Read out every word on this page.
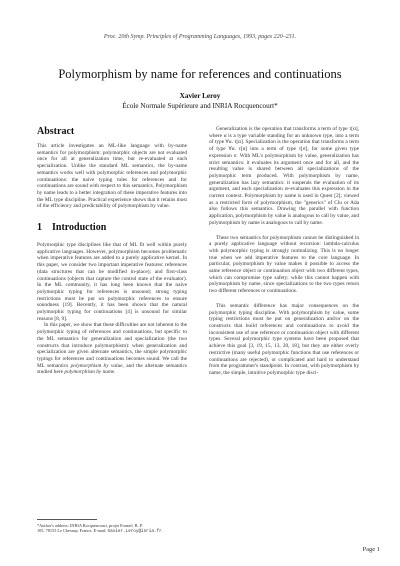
Proc. 20th Symp. Principles of Programming Languages, 1993, pages 220–231.
Polymorphism by name for references and continuations
Xavier Leroy
École Normale Supérieure and INRIA Rocquencourt*
Abstract

This article investigates an ML-like language with by-name semantics for polymorphism: polymorphic objects are not evaluated once for all at generalization time, but re-evaluated at each specialization. Unlike the standard ML semantics, the by-name semantics works well with polymorphic references and polymorphic continuations: the naive typing rules for references and for continuations are sound with respect to this semantics. Polymorphism by name leads to a better integration of these imperative features into the ML type discipline. Practical experience shows that it retains most of the efficiency and predictability of polymorphism by value.

1 Introduction

Polymorphic type disciplines like that of ML fit well within purely applicative languages. However, polymorphism becomes problematic when imperative features are added to a purely applicative kernel. In this paper, we consider two important imperative features: references (data structures that can be modified in-place); and first-class continuations (objects that capture the control state of the evaluator). In the ML community, it has long been known that the naive polymorphic typing for references is unsound; strong typing restrictions must be put on polymorphic references to ensure soundness [19]. Recently, it has been shown that the natural polymorphic typing for continuations [4] is unsound for similar reasons [8, 9].

In this paper, we show that these difficulties are not inherent to the polymorphic typing of references and continuations, but specific to the ML semantics for generalization and specialization (the two constructs that introduce polymorphism): when generalization and specialization are given alternate semantics, the simple polymorphic typings for references and continuations becomes sound. We call the ML semantics polymorphism by value, and the alternate semantics studied here polymorphism by name.

*Author's address: INRIA Rocquencourt, projet Formel, B. P.
105, 78153 Le Chesnay, France. E-mail: Xavier.Leroy@inria.fr.

Generalization is the operation that transforms a term of type τ[α], where α is a type variable standing for an unknown type, into a term of type ∀α. τ[α]. Specialization is the operation that transforms a term of type ∀α. τ[α] into a term of type τ[σ], for some given type expression σ. With ML's polymorphism by value, generalization has strict semantics: it evaluates its argument once and for all, and the resulting value is shared between all specializations of the polymorphic term produced. With polymorphism by name, generalization has lazy semantics: it suspends the evaluation of its argument, and each specialization re-evaluates this expression in the current context. Polymorphism by name is used in Quest [2]; viewed as a restricted form of polymorphism, the "generics" of Clu or Ada also follows this semantics. Drawing the parallel with function application, polymorphism by value is analogous to call by value, and polymorphism by name is analogous to call by name.

These two semantics for polymorphism cannot be distinguished in a purely applicative language without recursion: lambda-calculus with polymorphic typing is strongly normalizing. This is no longer true when we add imperative features to the core language. In particular, polymorphism by value makes it possible to access the same reference object or continuation object with two different types, which can compromise type safety; while this cannot happen with polymorphism by name, since specializations to the two types return two different references or continuations.

This semantic difference has major consequences on the polymorphic typing discipline. With polymorphism by value, some typing restrictions must be put on generalization and/or on the constructs that build references and continuations to avoid the inconsistent use of one reference or continuation object with different types. Several polymorphic type systems have been proposed that achieve this goal [3, 19, 15, 13, 20, 18], but they are either overly restrictive (many useful polymorphic functions that use references or continuations are rejected), or complicated and hard to understand from the programmer's standpoint. In contrast, with polymorphism by name, the simple, intuitive polymorphic type disci-

Page 1
